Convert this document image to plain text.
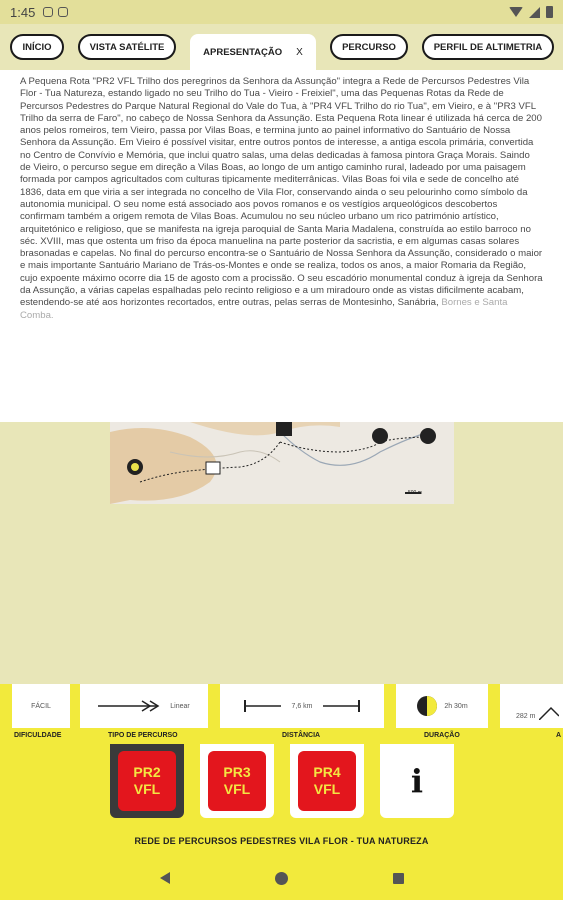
1:45
INÍCIO	VISTA SATÉLITE	APRESENTAÇÃO X	PERCURSO	PERFIL DE ALTIMETRIA

A Pequena Rota "PR2 VFL Trilho dos peregrinos da Senhora da Assunção" integra a Rede de Percursos Pedestres Vila Flor - Tua Natureza, estando ligado no seu Trilho do Tua - Vieiro - Freixiel", uma das Pequenas Rotas da Rede de Percursos Pedestres do Parque Natural Regional do Vale do Tua, à "PR4 VFL Trilho do rio Tua", em Vieiro, e à "PR3 VFL Trilho da serra de Faro", no cabeço de Nossa Senhora da Assunção. Esta Pequena Rota linear é utilizada há cerca de 200 anos pelos romeiros, tem Vieiro, passa por Vilas Boas, e termina junto ao painel informativo do Santuário de Nossa Senhora da Assunção. Em Vieiro é possível visitar, entre outros pontos de interesse, a antiga escola primária, convertida no Centro de Convívio e Memória, que inclui quatro salas, uma delas dedicadas à famosa pintora Graça Morais. Saindo de Vieiro, o percurso segue em direção a Vilas Boas, ao longo de um antigo caminho rural, ladeado por uma paisagem formada por campos agricultados com culturas tipicamente mediterrânicas. Vilas Boas foi vila e sede de concelho até 1836, data em que viria a ser integrada no concelho de Vila Flor, conservando ainda o seu pelourinho como símbolo da autonomia municipal. O seu nome está associado aos povos romanos e os vestígios arqueológicos descobertos confirmam também a origem remota de Vilas Boas. Acumulou no seu núcleo urbano um rico património artístico, arquitetónico e religioso, que se manifesta na igreja paroquial de Santa Maria Madalena, construída ao estilo barroco no séc. XVIII, mas que ostenta um friso da época manuelina na parte posterior da sacristia, e em algumas casas solares brasonadas e capelas. No final do percurso encontra-se o Santuário de Nossa Senhora da Assunção, considerado o maior e mais importante Santuário Mariano de Trás-os-Montes e onde se realiza, todos os anos, a maior Romaria da Região, cujo expoente máximo ocorre dia 15 de agosto com a procissão. O seu escadório monumental conduz à igreja da Senhora da Assunção, a várias capelas espalhadas pelo recinto religioso e a um miradouro onde as vistas dificilmente acabam, estendendo-se até aos horizontes recortados, entre outras, pelas serras de Montesinho, Sanábria, Bornes e Santa Comba.

500 m
FÁCIL	Linear	7,6 km	2h 30m
282 m
DIFICULDADE	TIPO DE PERCURSO	DISTÂNCIA	DURAÇÃO	A
PR2
VFL
PR3
VFL
PR4
VFL i
REDE DE PERCURSOS PEDESTRES VILA FLOR - TUA NATUREZA
